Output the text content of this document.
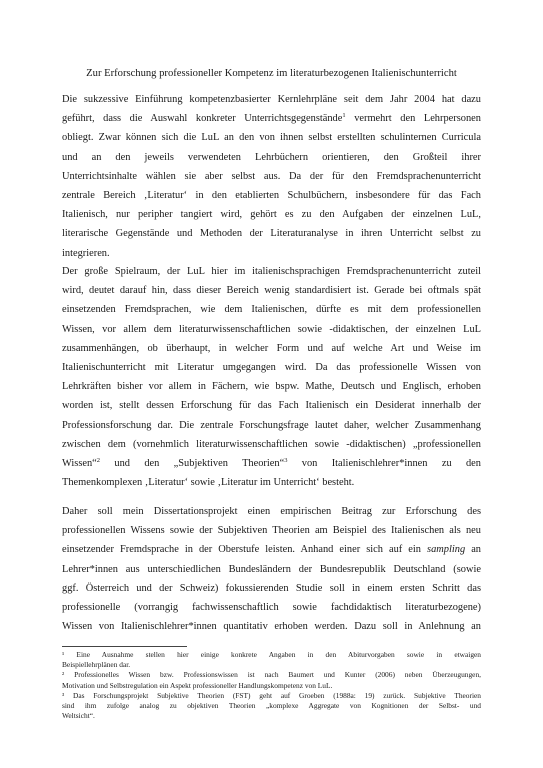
Zur Erforschung professioneller Kompetenz im literaturbezogenen Italienischunterricht
Die sukzessive Einführung kompetenzbasierter Kernlehrpläne seit dem Jahr 2004 hat dazu
geführt, dass die Auswahl konkreter Unterrichtsgegenstände$^1$ vermehrt den Lehrpersonen
obliegt. Zwar können sich die LuL an den von ihnen selbst erstellten schulinternen Curricula
und an den jeweils verwendeten Lehrbüchern orientieren, den Großteil ihrer
Unterrichtsinhalte wählen sie aber selbst aus. Da der für den Fremdsprachenunterricht
zentrale Bereich ‚Literatur‘ in den etablierten Schulbüchern, insbesondere für das Fach
Italienisch, nur peripher tangiert wird, gehört es zu den Aufgaben der einzelnen LuL,
literarische Gegenstände und Methoden der Literaturanalyse in ihren Unterricht selbst zu
integrieren.
Der große Spielraum, der LuL hier im italienischsprachigen Fremdsprachenunterricht zuteil
wird, deutet darauf hin, dass dieser Bereich wenig standardisiert ist. Gerade bei oftmals spät
einsetzenden Fremdsprachen, wie dem Italienischen, dürfte es mit dem professionellen
Wissen, vor allem dem literaturwissenschaftlichen sowie -didaktischen, der einzelnen LuL
zusammenhängen, ob überhaupt, in welcher Form und auf welche Art und Weise im
Italienischunterricht mit Literatur umgegangen wird. Da das professionelle Wissen von
Lehrkräften bisher vor allem in Fächern, wie bspw. Mathe, Deutsch und Englisch, erhoben
worden ist, stellt dessen Erforschung für das Fach Italienisch ein Desiderat innerhalb der
Professionsforschung dar. Die zentrale Forschungsfrage lautet daher, welcher Zusammenhang
zwischen dem (vornehmlich literaturwissenschaftlichen sowie -didaktischen) „professionellen
Wissen“$^2$ und den „Subjektiven Theorien“$^3$ von Italienischlehrer*innen zu den
Themenkomplexen ‚Literatur‘ sowie ‚Literatur im Unterricht‘ besteht.
Daher soll mein Dissertationsprojekt einen empirischen Beitrag zur Erforschung des
professionellen Wissens sowie der Subjektiven Theorien am Beispiel des Italienischen als neu
einsetzender Fremdsprache in der Oberstufe leisten. Anhand einer sich auf ein sampling an
Lehrer*innen aus unterschiedlichen Bundesländern der Bundesrepublik Deutschland (sowie
ggf. Österreich und der Schweiz) fokussierenden Studie soll in einem ersten Schritt das
professionelle (vorrangig fachwissenschaftlich sowie fachdidaktisch literaturbezogene)
Wissen von Italienischlehrer*innen quantitativ erhoben werden. Dazu soll in Anlehnung an
¹ Eine Ausnahme stellen hier einige konkrete Angaben in den Abiturvorgaben sowie in etwaigen
Beispiellehrplänen dar.
² Professionelles Wissen bzw. Professionswissen ist nach Baumert und Kunter (2006) neben Überzeugungen,
Motivation und Selbstregulation ein Aspekt professioneller Handlungskompetenz von LuL.
³ Das Forschungsprojekt Subjektive Theorien (FST) geht auf Groeben (1988a: 19) zurück. Subjektive Theorien
sind ihm zufolge analog zu objektiven Theorien „komplexe Aggregate von Kognitionen der Selbst- und
Weltsicht“.
